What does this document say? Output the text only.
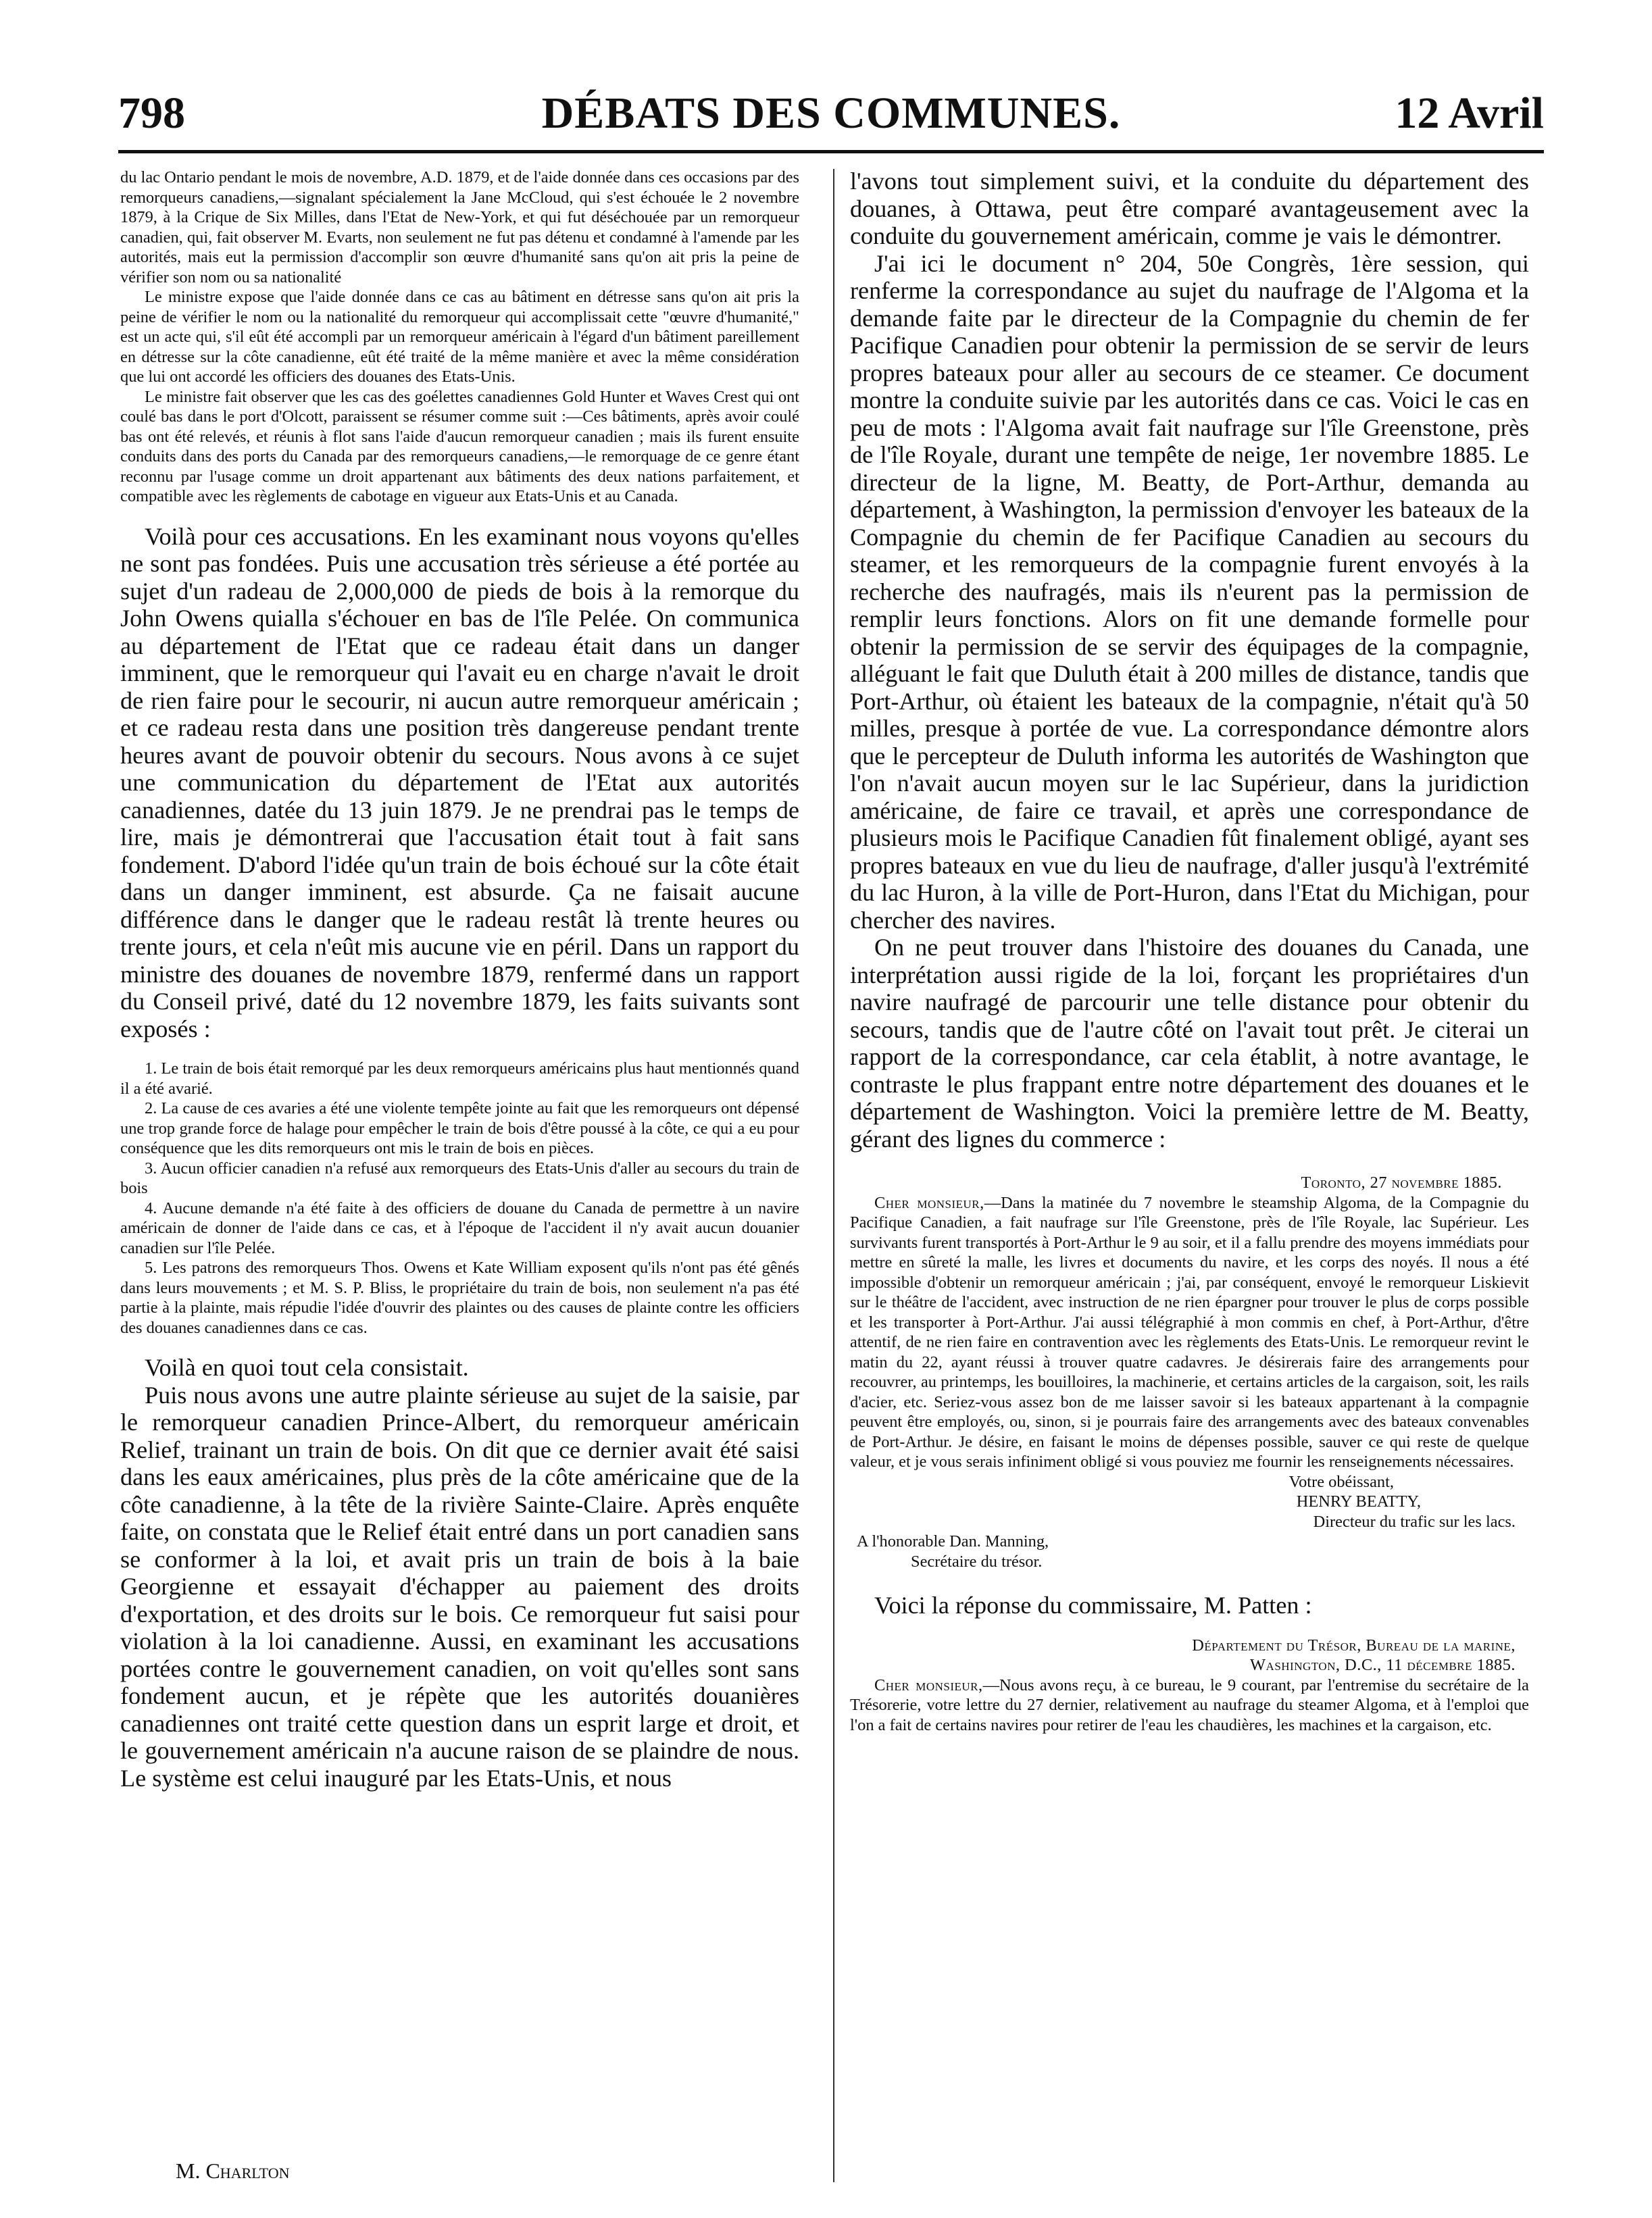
798	DÉBATS DES COMMUNES.	12 Avril

du lac Ontario pendant le mois de novembre, A.D. 1879, et de l'aide donnée dans ces occasions par des remorqueurs canadiens,—signalant spécialement la Jane McCloud, qui s'est échouée le 2 novembre 1879, à la Crique de Six Milles, dans l'Etat de New-York, et qui fut déséchouée par un remorqueur canadien, qui, fait observer M. Evarts, non seulement ne fut pas détenu et condamné à l'amende par les autorités, mais eut la permission d'accomplir son œuvre d'humanité sans qu'on ait pris la peine de vérifier son nom ou sa nationalité

Le ministre expose que l'aide donnée dans ce cas au bâtiment en détresse sans qu'on ait pris la peine de vérifier le nom ou la nationalité du remorqueur qui accomplissait cette "œuvre d'humanité," est un acte qui, s'il eût été accompli par un remorqueur américain à l'égard d'un bâtiment pareillement en détresse sur la côte canadienne, eût été traité de la même manière et avec la même considération que lui ont accordé les officiers des douanes des Etats-Unis.

Le ministre fait observer que les cas des goélettes canadiennes Gold Hunter et Waves Crest qui ont coulé bas dans le port d'Olcott, paraissent se résumer comme suit :—Ces bâtiments, après avoir coulé bas ont été relevés, et réunis à flot sans l'aide d'aucun remorqueur canadien ; mais ils furent ensuite conduits dans des ports du Canada par des remorqueurs canadiens,—le remorquage de ce genre étant reconnu par l'usage comme un droit appartenant aux bâtiments des deux nations parfaitement, et compatible avec les règlements de cabotage en vigueur aux Etats-Unis et au Canada.

Voilà pour ces accusations. En les examinant nous voyons qu'elles ne sont pas fondées. Puis une accusation très sérieuse a été portée au sujet d'un radeau de 2,000,000 de pieds de bois à la remorque du John Owens quialla s'échouer en bas de l'île Pelée. On communica au département de l'Etat que ce radeau était dans un danger imminent, que le remorqueur qui l'avait eu en charge n'avait le droit de rien faire pour le secourir, ni aucun autre remorqueur américain ; et ce radeau resta dans une position très dangereuse pendant trente heures avant de pouvoir obtenir du secours. Nous avons à ce sujet une communication du département de l'Etat aux autorités canadiennes, datée du 13 juin 1879. Je ne prendrai pas le temps de lire, mais je démontrerai que l'accusation était tout à fait sans fondement. D'abord l'idée qu'un train de bois échoué sur la côte était dans un danger imminent, est absurde. Ça ne faisait aucune différence dans le danger que le radeau restât là trente heures ou trente jours, et cela n'eût mis aucune vie en péril. Dans un rapport du ministre des douanes de novembre 1879, renfermé dans un rapport du Conseil privé, daté du 12 novembre 1879, les faits suivants sont exposés :

1. Le train de bois était remorqué par les deux remorqueurs américains plus haut mentionnés quand il a été avarié.

2. La cause de ces avaries a été une violente tempête jointe au fait que les remorqueurs ont dépensé une trop grande force de halage pour empêcher le train de bois d'être poussé à la côte, ce qui a eu pour conséquence que les dits remorqueurs ont mis le train de bois en pièces.

3. Aucun officier canadien n'a refusé aux remorqueurs des Etats-Unis d'aller au secours du train de bois

4. Aucune demande n'a été faite à des officiers de douane du Canada de permettre à un navire américain de donner de l'aide dans ce cas, et à l'époque de l'accident il n'y avait aucun douanier canadien sur l'île Pelée.

5. Les patrons des remorqueurs Thos. Owens et Kate William exposent qu'ils n'ont pas été gênés dans leurs mouvements ; et M. S. P. Bliss, le propriétaire du train de bois, non seulement n'a pas été partie à la plainte, mais répudie l'idée d'ouvrir des plaintes ou des causes de plainte contre les officiers des douanes canadiennes dans ce cas.

Voilà en quoi tout cela consistait.

Puis nous avons une autre plainte sérieuse au sujet de la saisie, par le remorqueur canadien Prince-Albert, du remorqueur américain Relief, trainant un train de bois. On dit que ce dernier avait été saisi dans les eaux américaines, plus près de la côte américaine que de la côte canadienne, à la tête de la rivière Sainte-Claire. Après enquête faite, on constata que le Relief était entré dans un port canadien sans se conformer à la loi, et avait pris un train de bois à la baie Georgienne et essayait d'échapper au paiement des droits d'exportation, et des droits sur le bois. Ce remorqueur fut saisi pour violation à la loi canadienne. Aussi, en examinant les accusations portées contre le gouvernement canadien, on voit qu'elles sont sans fondement aucun, et je répète que les autorités douanières canadiennes ont traité cette question dans un esprit large et droit, et le gouvernement américain n'a aucune raison de se plaindre de nous. Le système est celui inauguré par les Etats-Unis, et nous

M. Charlton

l'avons tout simplement suivi, et la conduite du département des douanes, à Ottawa, peut être comparé avantageusement avec la conduite du gouvernement américain, comme je vais le démontrer.

J'ai ici le document n° 204, 50e Congrès, 1ère session, qui renferme la correspondance au sujet du naufrage de l'Algoma et la demande faite par le directeur de la Compagnie du chemin de fer Pacifique Canadien pour obtenir la permission de se servir de leurs propres bateaux pour aller au secours de ce steamer. Ce document montre la conduite suivie par les autorités dans ce cas. Voici le cas en peu de mots : l'Algoma avait fait naufrage sur l'île Greenstone, près de l'île Royale, durant une tempête de neige, 1er novembre 1885. Le directeur de la ligne, M. Beatty, de Port-Arthur, demanda au département, à Washington, la permission d'envoyer les bateaux de la Compagnie du chemin de fer Pacifique Canadien au secours du steamer, et les remorqueurs de la compagnie furent envoyés à la recherche des naufragés, mais ils n'eurent pas la permission de remplir leurs fonctions. Alors on fit une demande formelle pour obtenir la permission de se servir des équipages de la compagnie, alléguant le fait que Duluth était à 200 milles de distance, tandis que Port-Arthur, où étaient les bateaux de la compagnie, n'était qu'à 50 milles, presque à portée de vue. La correspondance démontre alors que le percepteur de Duluth informa les autorités de Washington que l'on n'avait aucun moyen sur le lac Supérieur, dans la juridiction américaine, de faire ce travail, et après une correspondance de plusieurs mois le Pacifique Canadien fût finalement obligé, ayant ses propres bateaux en vue du lieu de naufrage, d'aller jusqu'à l'extrémité du lac Huron, à la ville de Port-Huron, dans l'Etat du Michigan, pour chercher des navires.

On ne peut trouver dans l'histoire des douanes du Canada, une interprétation aussi rigide de la loi, forçant les propriétaires d'un navire naufragé de parcourir une telle distance pour obtenir du secours, tandis que de l'autre côté on l'avait tout prêt. Je citerai un rapport de la correspondance, car cela établit, à notre avantage, le contraste le plus frappant entre notre département des douanes et le département de Washington. Voici la première lettre de M. Beatty, gérant des lignes du commerce :

Toronto, 27 novembre 1885.

Cher monsieur,—Dans la matinée du 7 novembre le steamship Algoma, de la Compagnie du Pacifique Canadien, a fait naufrage sur l'île Greenstone, près de l'île Royale, lac Supérieur. Les survivants furent transportés à Port-Arthur le 9 au soir, et il a fallu prendre des moyens immédiats pour mettre en sûreté la malle, les livres et documents du navire, et les corps des noyés. Il nous a été impossible d'obtenir un remorqueur américain ; j'ai, par conséquent, envoyé le remorqueur Liskievit sur le théâtre de l'accident, avec instruction de ne rien épargner pour trouver le plus de corps possible et les transporter à Port-Arthur. J'ai aussi télégraphié à mon commis en chef, à Port-Arthur, d'être attentif, de ne rien faire en contravention avec les règlements des Etats-Unis. Le remorqueur revint le matin du 22, ayant réussi à trouver quatre cadavres. Je désirerais faire des arrangements pour recouvrer, au printemps, les bouilloires, la machinerie, et certains articles de la cargaison, soit, les rails d'acier, etc. Seriez-vous assez bon de me laisser savoir si les bateaux appartenant à la compagnie peuvent être employés, ou, sinon, si je pourrais faire des arrangements avec des bateaux convenables de Port-Arthur. Je désire, en faisant le moins de dépenses possible, sauver ce qui reste de quelque valeur, et je vous serais infiniment obligé si vous pouviez me fournir les renseignements nécessaires.

Votre obéissant,

HENRY BEATTY,

Directeur du trafic sur les lacs.

A l'honorable Dan. Manning,

Secrétaire du trésor.

Voici la réponse du commissaire, M. Patten :

Département du Trésor, Bureau de la marine,

Washington, D.C., 11 décembre 1885.

Cher monsieur,—Nous avons reçu, à ce bureau, le 9 courant, par l'entremise du secrétaire de la Trésorerie, votre lettre du 27 dernier, relativement au naufrage du steamer Algoma, et à l'emploi que l'on a fait de certains navires pour retirer de l'eau les chaudières, les machines et la cargaison, etc.
